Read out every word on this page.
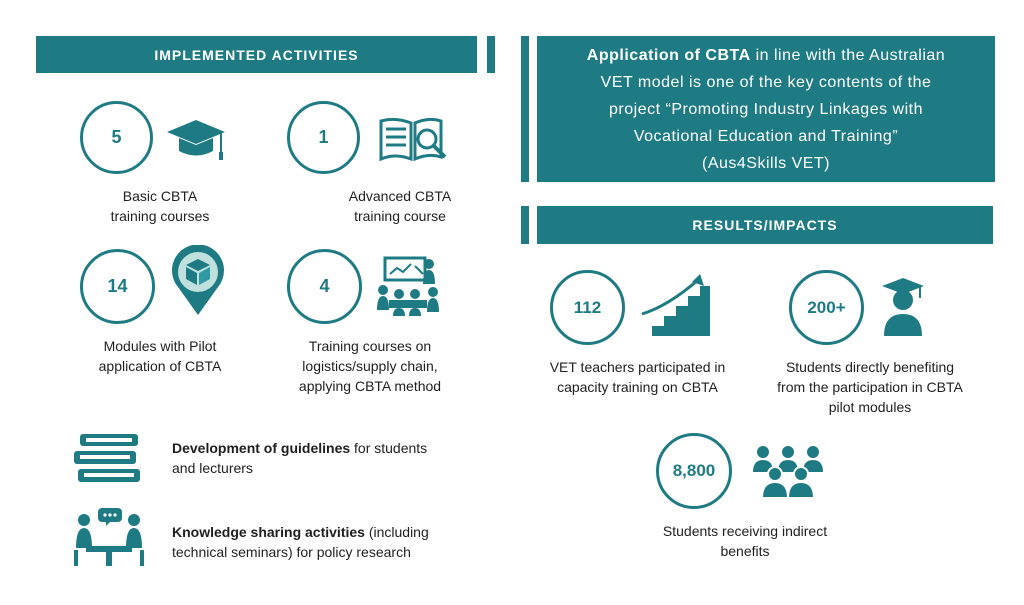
IMPLEMENTED ACTIVITIES
5
Basic CBTA
training courses
1
Advanced CBTA
training course
14
Modules with Pilot
application of CBTA
4
Training courses on
logistics/supply chain,
applying CBTA method
Development of guidelines for students
and lecturers
Knowledge sharing activities (including
technical seminars) for policy research
Application of CBTA in line with the Australian
VET model is one of the key contents of the
project “Promoting Industry Linkages with
Vocational Education and Training”
(Aus4Skills VET)
RESULTS/IMPACTS
112
VET teachers participated in
capacity training on CBTA
200+
Students directly benefiting
from the participation in CBTA
pilot modules
8,800
Students receiving indirect
benefits
